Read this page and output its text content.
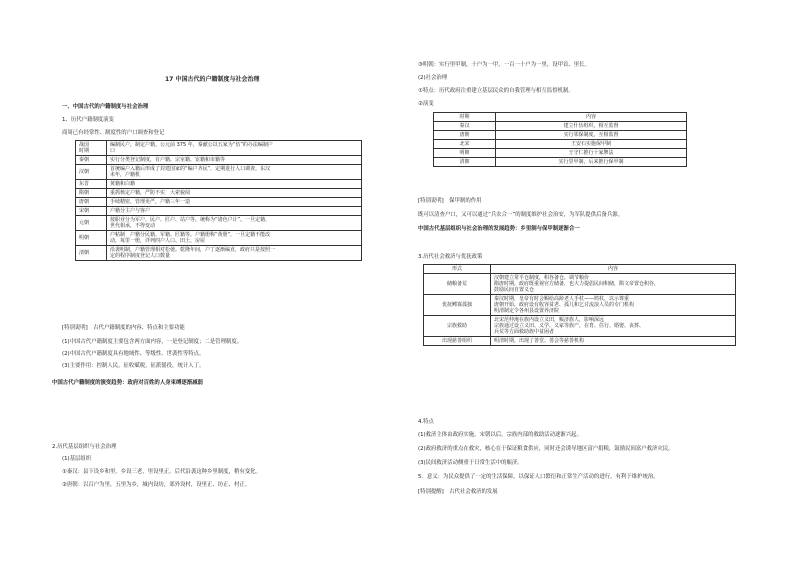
17 中国古代的户籍制度与社会治理
一、中国古代的户籍制度与社会治理
1、历代户籍制度演变
商周已有经常性、制度性的户口调查和登记
战国
时期	编制民户，制定户籍。公元前 375 年，秦献公以五家为“伍”的办法编制户
口
秦朝	实行分类登记制度，有户籍、宗室籍、宦籍和市籍等
汉朝	首统编户入籍后形成了封建国家的“编户齐民”，定期进行人口调查。东汉
末年，户籍机
东晋	黄籍和白籍
隋朝	重抓核定户籍，严防不实　大索貌阅
唐朝	手续精密，管理更严，户籍三年一造
宋朝	户籍分主户与客户
元朝	按职业分为军户、民户、匠户、站户等，统称为“诸色户计”。一旦定籍，
世代相承，不得变动
明朝	户帖制　户籍分民籍、军籍、匠籍等。户籍册称“黄册”，一旦定籍不能改
动，每里一册，详列四户人口、田土、房屋
清朝	沿袭明制，户籍管理相对松弛。乾隆年间，户丁逐渐编直，政府只是按照一
定的程序制度登记人口数量
[特别说明]　古代户籍制度的内容、特点和主要功能
(1)中国古代户籍制度主要包含两方面内容，一是登记制度；二是管理制度。
(2)中国古代户籍制度具有地域性、等级性、世袭性等特点。
(3)主要作用：控制人民，征收赋税，征派徭役，统计人丁。
中国古代户籍制度的演变趋势：政府对百姓的人身束缚逐渐减弱
2.历代基层组织与社会治理
(1)基层组织
①秦汉：县下设乡和里。乡设三老，里设里正。后代沿袭这种乡里制度，稍有变化。
②唐朝：以百户为里，五里为乡，城内设坊，郊外设村，设里正、坊正、村正。
③明朝：实行里甲制，十户为一甲，一百一十户为一里，设甲首、里长。
(2)社会治理
①特点：历代政府注重建立基层民众的自我管理与相互监督机制。
②演变
时期	内容
秦汉	建立什伍组织，相互监督
唐朝	实行邻保制度，互相监督
北宋	王安石实施保甲制
明朝	王守仁推行十家牌法
清朝	实行里甲制，后来推行保甲制
[特别说明]　保甲制的作用
既可以清查户口，又可以通过“兵农合一”的制度维护社会治安，为军队提供后备兵源。
中国古代基层组织与社会治理的发展趋势：乡里制与保甲制逐渐合一
3.历代社会救济与优抚政策
形式	内容
储粮备荒	汉朝建立常平仓制度，积谷备仓，调节粮价
隋唐时期，政府既重视官方储备，也大力提倡民间积储，隋文帝置仓积谷，
鼓励民间自置义仓
优抚鳏寡孤独	秦汉时期，皇帝有时会赐给高龄老人手杖——鸠杖，以示尊重
唐朝开始，政府设有收容贫老、孤儿和乞讨流浪人员的专门机构
明清制定令各州县设置养济院
宗族救助	北宋范仲淹在族内设立义田，赈济族人，影响深远
宗族通过设立义田、义学、义冢等族产，在育、住行、婚娶、丧葬、
兵荒等方面救助族中贫困者
出现慈善组织	明清时期，出现了善堂、善会等慈善机构
4.特点
(1)救济主体由政府实施，宋朝以后，宗族内部的救助活动逐渐兴起。
(2)政府救济的重点在救灾，核心在于保证粮食供应，同时还会诱导地区富户捐粮，鼓励民间富户救济灾民。
(3)民间救济活动侧重于日常生活中的赈济。
5．意义：为民众提供了一定的生活保障，以保证人口繁衍和正常生产活动的进行，有利于维护统治。
[特别提醒]　古代社会救济的发展
